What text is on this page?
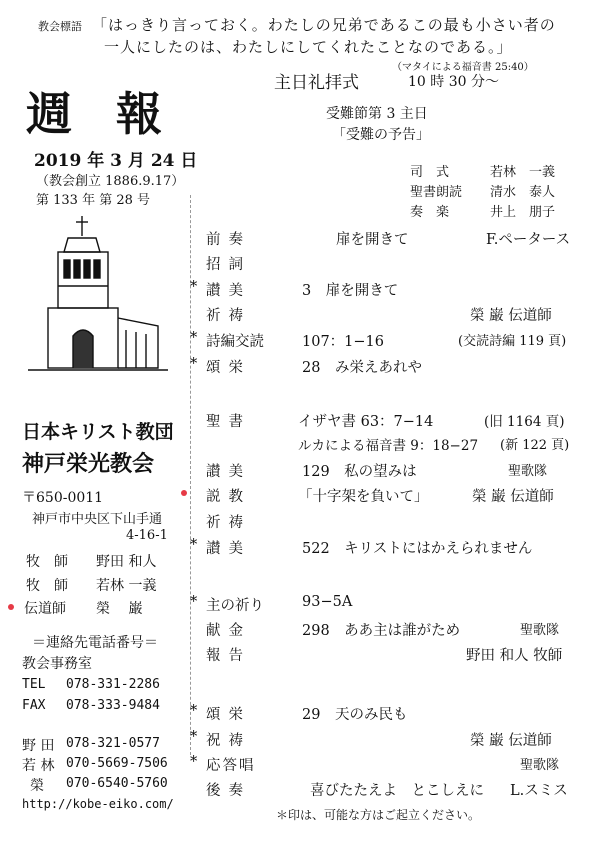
教会標語 「はっきり言っておく。わたしの兄弟であるこの最も小さい者の
一人にしたのは、わたしにしてくれたことなのである。」
（マタイによる福音書 25:40）
週 報
2019 年 3 月 24 日
（教会創立 1886.9.17）
第 133 年 第 28 号
主日礼拝式	10 時 30 分〜
受難節第 3 主日
「受難の予告」
司　式	若林　一義
聖書朗読 清水　泰人
奏　楽	井上　朋子
日本キリスト教団
神戸栄光教会
〒650-0011
神戸市中央区下山手通
4-16-1
牧　師 野田 和人
牧　師 若林 一義
伝道師 榮　 巌
＝連絡先電話番号＝
教会事務室
TEL 078-331-2286
FAX 078-333-9484
野 田 078-321-0577
若 林 070-5669-7506
榮 070-6540-5760
http://kobe-eiko.com/
前奏	扉を開きて	F.ペータース
招詞
* 讃美	3　扉を開きて
祈祷	榮 巌 伝道師
* 詩編交読	107：1−16	(交読詩編 119 頁)
* 頌栄	28　み栄えあれや
聖書	イザヤ書 63：7−14	(旧 1164 頁)
ルカによる福音書 9：18−27 (新 122 頁)
讃美	129　私の望みは	聖歌隊
説教	「十字架を負いて」	榮 巌 伝道師
祈祷
* 讃美	522　キリストにはかえられません
* 主の祈り	93−5A
献金	298　ああ主は誰がため	聖歌隊
報告	野田 和人 牧師
* 頌栄	29　天のみ民も
* 祝祷	榮 巌 伝道師
* 応答唱	聖歌隊
後奏	喜びたたえよ　とこしえに L.スミス
＊印は、可能な方はご起立ください。
